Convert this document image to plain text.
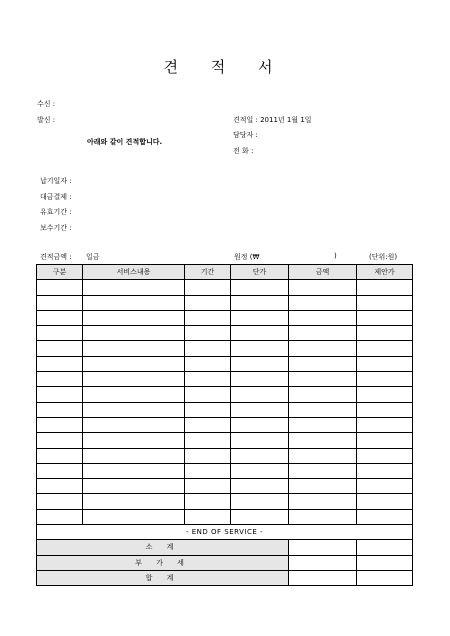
견 적 서
수신 :
발신 :	견적일 : 2011년 1월 1일
담당자 :
전 화 :
아래와 같이 견적합니다.
납기일자 :
대금결제 :
유효기간 :
보수기간 :
견적금액 : 일금	원정 (₩	)	(단위:원)
구분	서비스내용	기간	단가	금액	제안가

- END OF SERVICE -					
소 계					
부 가 세					
합 계					
